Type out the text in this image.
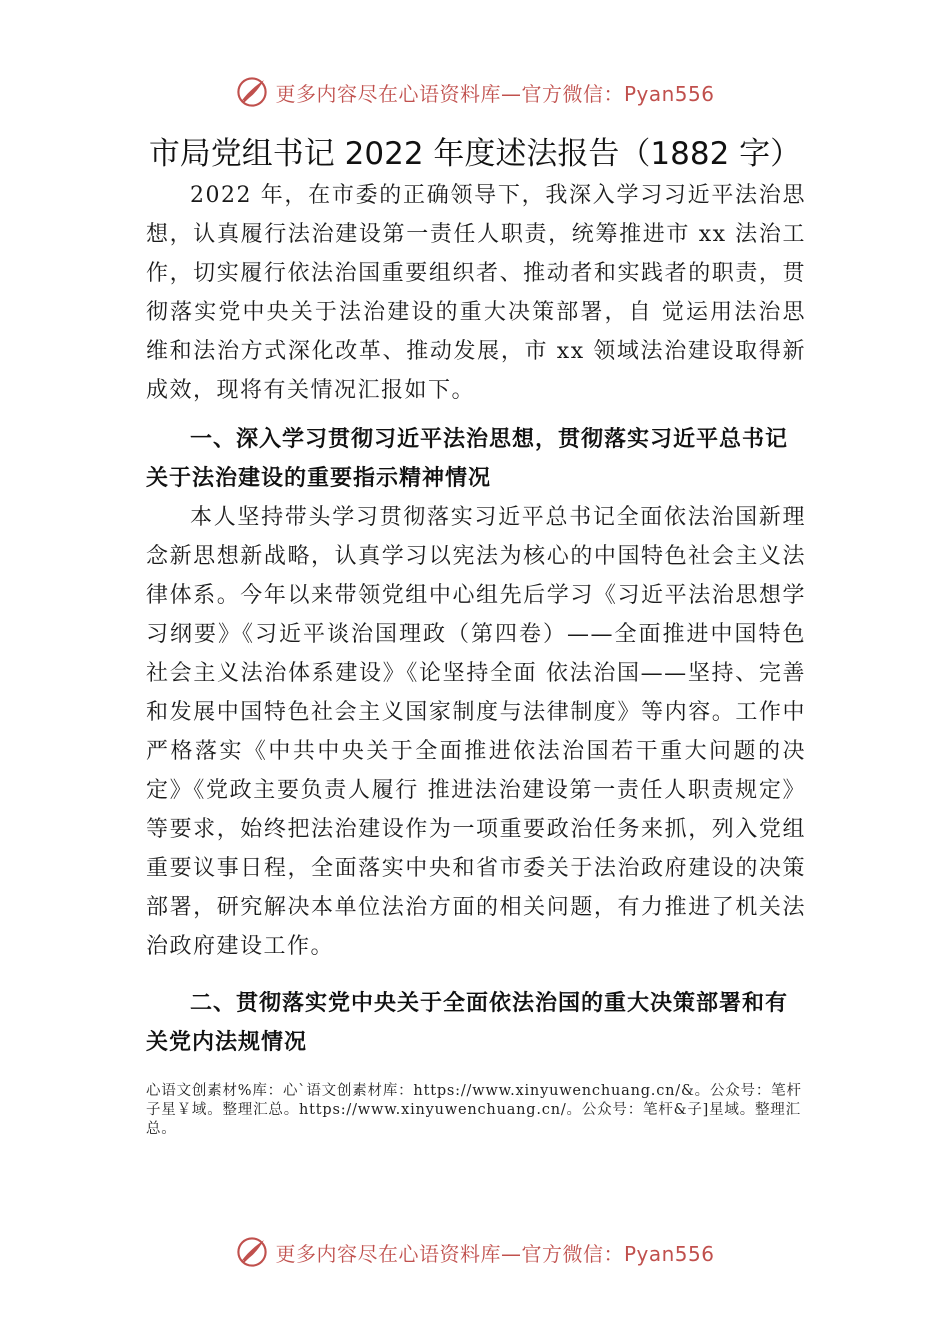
更多内容尽在心语资料库—官方微信：Pyan556
市局党组书记 2022 年度述法报告（1882 字）

2022 年，在市委的正确领导下，我深入学习习近平法治思想，认真履行法治建设第一责任人职责，统筹推进市 xx 法治工作，切实履行依法治国重要组织者、推动者和实践者的职责，贯彻落实党中央关于法治建设的重大决策部署，自 觉运用法治思维和法治方式深化改革、推动发展，市 xx 领域法治建设取得新成效，现将有关情况汇报如下。

一、深入学习贯彻习近平法治思想，贯彻落实习近平总书记关于法治建设的重要指示精神情况

本人坚持带头学习贯彻落实习近平总书记全面依法治国新理念新思想新战略，认真学习以宪法为核心的中国特色社会主义法律体系。今年以来带领党组中心组先后学习《习近平法治思想学习纲要》《习近平谈治国理政（第四卷）——全面推进中国特色社会主义法治体系建设》《论坚持全面 依法治国——坚持、完善和发展中国特色社会主义国家制度与法律制度》等内容。工作中严格落实《中共中央关于全面推进依法治国若干重大问题的决定》《党政主要负责人履行 推进法治建设第一责任人职责规定》等要求，始终把法治建设作为一项重要政治任务来抓，列入党组重要议事日程，全面落实中央和省市委关于法治政府建设的决策部署，研究解决本单位法治方面的相关问题，有力推进了机关法治政府建设工作。

二、贯彻落实党中央关于全面依法治国的重大决策部署和有关党内法规情况

心语文创素材%库：心`语文创素材库：https://www.xinyuwenchuang.cn/&。公众号：笔杆子星￥域。整理汇总。https://www.xinyuwenchuang.cn/。公众号：笔杆&子]星域。整理汇总。
更多内容尽在心语资料库—官方微信：Pyan556
